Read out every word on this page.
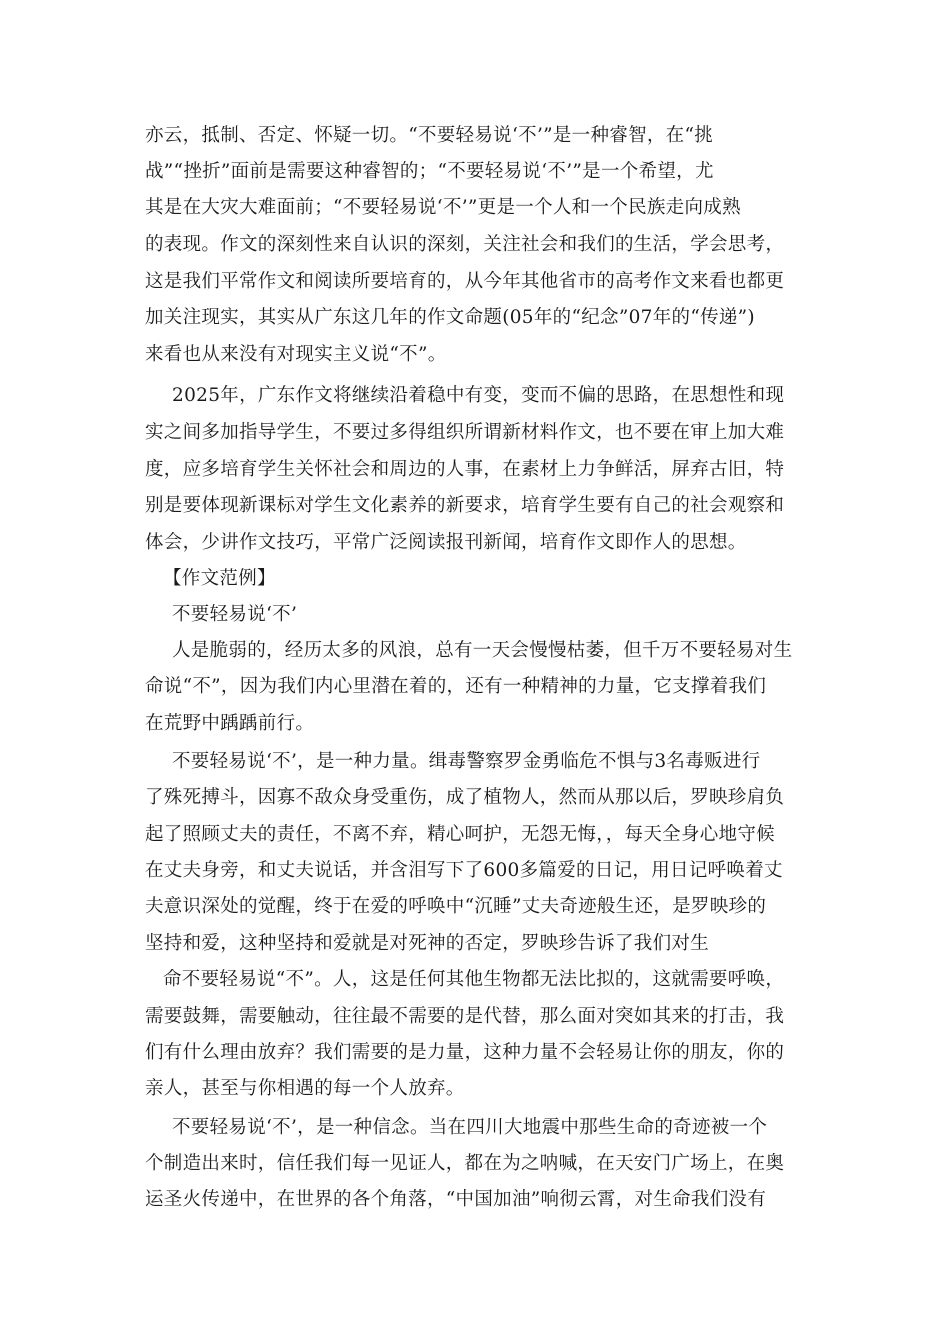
亦云，抵制、否定、怀疑一切。“不要轻易说‘不’”是一种睿智，在“挑
战”“挫折”面前是需要这种睿智的；“不要轻易说‘不’”是一个希望，尤
其是在大灾大难面前；“不要轻易说‘不’”更是一个人和一个民族走向成熟
的表现。作文的深刻性来自认识的深刻，关注社会和我们的生活，学会思考，
这是我们平常作文和阅读所要培育的，从今年其他省市的高考作文来看也都更
加关注现实，其实从广东这几年的作文命题(05年的“纪念”07年的“传递”)
来看也从来没有对现实主义说“不”。
2025年，广东作文将继续沿着稳中有变，变而不偏的思路，在思想性和现
实之间多加指导学生，不要过多得组织所谓新材料作文，也不要在审上加大难
度，应多培育学生关怀社会和周边的人事，在素材上力争鲜活，屏弃古旧，特
别是要体现新课标对学生文化素养的新要求，培育学生要有自己的社会观察和
体会，少讲作文技巧，平常广泛阅读报刊新闻，培育作文即作人的思想。
【作文范例】
不要轻易说‘不’
人是脆弱的，经历太多的风浪，总有一天会慢慢枯萎，但千万不要轻易对生
命说“不”，因为我们内心里潜在着的，还有一种精神的力量，它支撑着我们
在荒野中踽踽前行。
不要轻易说‘不’，是一种力量。缉毒警察罗金勇临危不惧与3名毒贩进行
了殊死搏斗，因寡不敌众身受重伤，成了植物人，然而从那以后，罗映珍肩负
起了照顾丈夫的责任，不离不弃，精心呵护，无怨无悔，，每天全身心地守候
在丈夫身旁，和丈夫说话，并含泪写下了600多篇爱的日记，用日记呼唤着丈
夫意识深处的觉醒，终于在爱的呼唤中“沉睡”丈夫奇迹般生还，是罗映珍的
坚持和爱，这种坚持和爱就是对死神的否定，罗映珍告诉了我们对生
命不要轻易说“不”。人，这是任何其他生物都无法比拟的，这就需要呼唤，
需要鼓舞，需要触动，往往最不需要的是代替，那么面对突如其来的打击，我
们有什么理由放弃？我们需要的是力量，这种力量不会轻易让你的朋友，你的
亲人，甚至与你相遇的每一个人放弃。
不要轻易说‘不’，是一种信念。当在四川大地震中那些生命的奇迹被一个
个制造出来时，信任我们每一见证人，都在为之呐喊，在天安门广场上，在奥
运圣火传递中，在世界的各个角落，“中国加油”响彻云霄，对生命我们没有
